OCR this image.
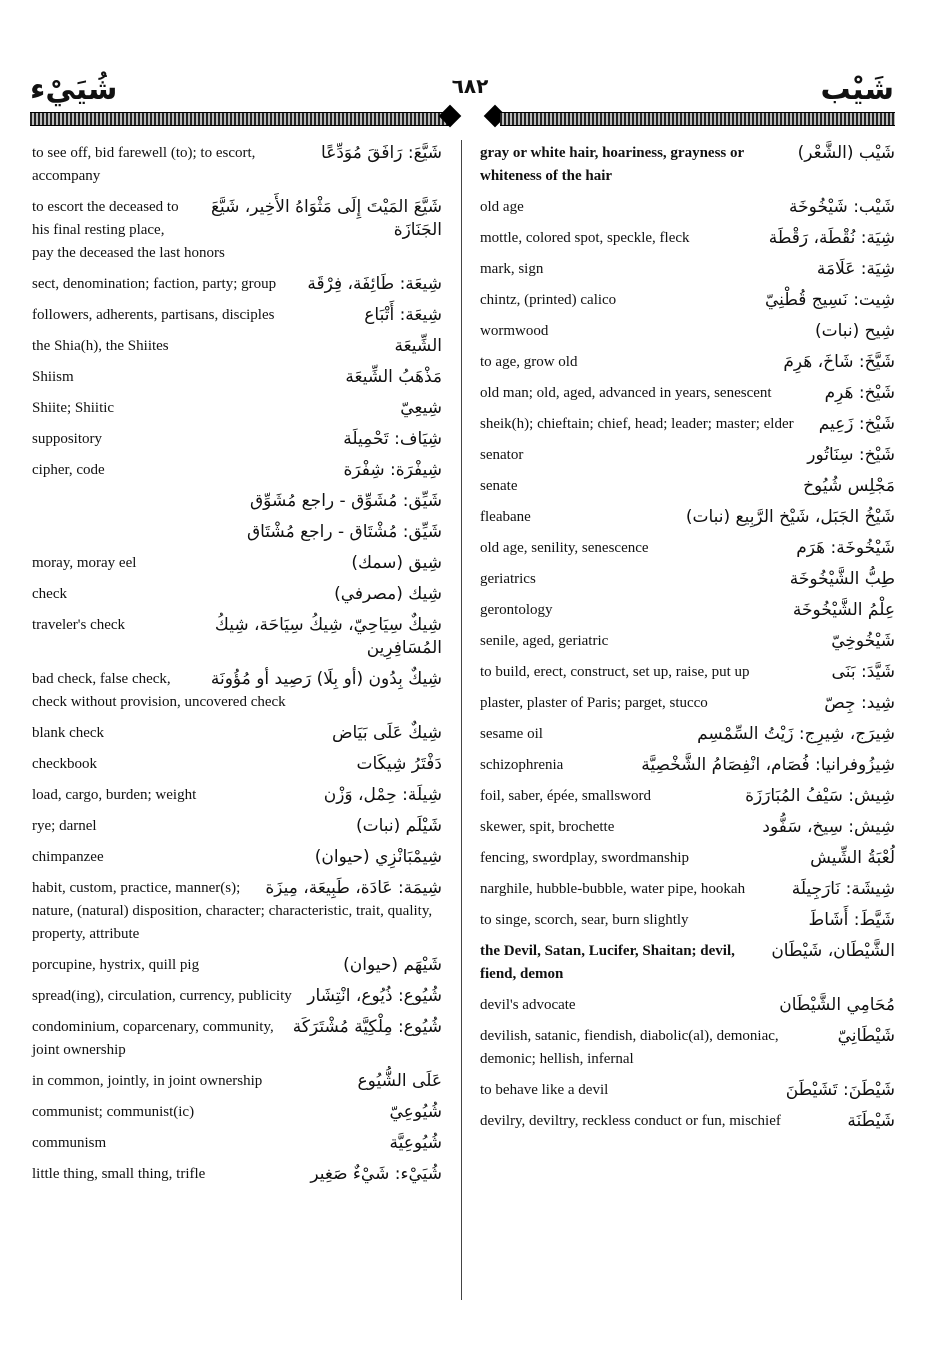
شَيْب
٦٨٢
شُيَيْء
شَيَّعَ: رَافَقَ مُوَدِّعًا
to see off, bid farewell (to); to escort, accompany
شَيَّعَ المَيْتَ إِلَى مَثْوَاهُ الأَخِير، شَيَّعَ الجَنَازَة
to escort the deceased to his final resting place, pay the deceased the last honors
شِيعَة: طَائِفَة، فِرْقَة
sect, denomination; faction, party; group
شِيعَة: أَتْبَاع
followers, adherents, partisans, disciples
الشِّيعَة
the Shia(h), the Shiites
مَذْهَبُ الشِّيعَة
Shiism
شِيعِيّ
Shiite; Shiitic
شِيَاف: تَحْمِيلَة
suppository
شِيفْرَة: شِفْرَة
cipher, code
شَيِّق: مُشَوِّق - راجع مُشَوِّق
شَيِّق: مُشْتَاق - راجع مُشْتَاق
شِيق (سمك)
moray, moray eel
شِيك (مصرفي)
check
شِيكٌ سِيَاحِيّ، شِيكُ سِيَاحَة، شِيكُ المُسَافِرِين
traveler's check
شِيكٌ بِدُون (أو بِلَا) رَصِيد أو مُؤُونَة
bad check, false check, check without provision, uncovered check
شِيكٌ عَلَى بَيَاض
blank check
دَفْتَرُ شِيكَات
checkbook
شِيلَة: حِمْل، وَزْن
load, cargo, burden; weight
شَيْلَم (نبات)
rye; darnel
شِيمْبَانْزِي (حيوان)
chimpanzee
شِيمَة: عَادَة، طَبِيعَة، مِيزَة
habit, custom, practice, manner(s); nature, (natural) disposition, character; characteristic, trait, quality, property, attribute
شَيْهَم (حيوان)
porcupine, hystrix, quill pig
شُيُوع: ذُيُوع، انْتِشَار
spread(ing), circulation, currency, publicity
شُيُوع: مِلْكِيَّة مُشْتَرَكَة
condominium, coparcenary, community, joint ownership
عَلَى الشُّيُوع
in common, jointly, in joint ownership
شُيُوعِيّ
communist; communist(ic)
شُيُوعِيَّة
communism
شُيَيْء: شَيْءٌ صَغِير
little thing, small thing, trifle
شَيْب (الشَّعْر)
gray or white hair, hoariness, grayness or whiteness of the hair
شَيْب: شَيْخُوخَة
old age
شِيَة: نُقْطَة، رَقْطَة
mottle, colored spot, speckle, fleck
شِيَة: عَلَامَة
mark, sign
شِيت: نَسِيج قُطْنِيّ
chintz, (printed) calico
شِيح (نبات)
wormwood
شَيَّخَ: شَاخَ، هَرِمَ
to age, grow old
شَيْخ: هَرِم
old man; old, aged, advanced in years, senescent
شَيْخ: زَعِيم
sheik(h); chieftain; chief, head; leader; master; elder
شَيْخ: سِنَاتُور
senator
مَجْلِس شُيُوخ
senate
شَيْخُ الجَبَل، شَيْخ الرَّبِيع (نبات)
fleabane
شَيْخُوخَة: هَرَم
old age, senility, senescence
طِبُّ الشَّيْخُوخَة
geriatrics
عِلْمُ الشَّيْخُوخَة
gerontology
شَيْخُوخِيّ
senile, aged, geriatric
شَيَّدَ: بَنَى
to build, erect, construct, set up, raise, put up
شِيد: جِصّ
plaster, plaster of Paris; parget, stucco
شِيرَج، شِيرِج: زَيْتُ السِّمْسِم
sesame oil
شِيزُوفرانيا: فُصَام، انْفِصَامُ الشَّخْصِيَّة
schizophrenia
شِيش: سَيْفُ المُبَارَزَة
foil, saber, épée, smallsword
شِيش: سِيخ، سَفُّود
skewer, spit, brochette
لُعْبَةُ الشِّيش
fencing, swordplay, swordmanship
شِيشَة: نَارَجِيلَة
narghile, hubble-bubble, water pipe, hookah
شَيَّطَ: أَشَاطَ
to singe, scorch, sear, burn slightly
الشَّيْطَان، شَيْطَان
the Devil, Satan, Lucifer, Shaitan; devil, fiend, demon
مُحَامِي الشَّيْطَان
devil's advocate
شَيْطَانِيّ
devilish, satanic, fiendish, diabolic(al), demoniac, demonic; hellish, infernal
شَيْطَنَ: تَشَيْطَنَ
to behave like a devil
شَيْطَنَة
devilry, deviltry, reckless conduct or fun, mischief
